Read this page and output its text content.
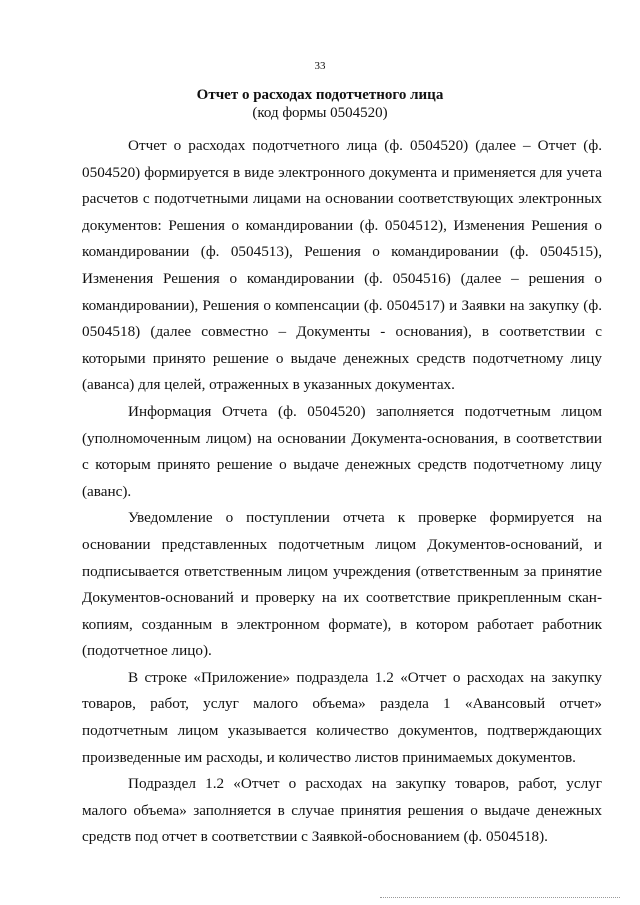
33
Отчет о расходах подотчетного лица
(код формы 0504520)

Отчет о расходах подотчетного лица (ф. 0504520) (далее – Отчет (ф. 0504520) формируется в виде электронного документа и применяется для учета расчетов с подотчетными лицами на основании соответствующих электронных документов: Решения о командировании (ф. 0504512), Изменения Решения о командировании (ф. 0504513), Решения о командировании (ф. 0504515), Изменения Решения о командировании (ф. 0504516) (далее – решения о командировании), Решения о компенсации (ф. 0504517) и Заявки на закупку (ф. 0504518) (далее совместно – Документы - основания), в соответствии с которыми принято решение о выдаче денежных средств подотчетному лицу (аванса) для целей, отраженных в указанных документах.

Информация Отчета (ф. 0504520) заполняется подотчетным лицом (уполномоченным лицом) на основании Документа-основания, в соответствии с которым принято решение о выдаче денежных средств подотчетному лицу (аванс).

Уведомление о поступлении отчета к проверке формируется на основании представленных подотчетным лицом Документов-оснований, и подписывается ответственным лицом учреждения (ответственным за принятие Документов-оснований и проверку на их соответствие прикрепленным скан-копиям, созданным в электронном формате), в котором работает работник (подотчетное лицо).

В строке «Приложение» подраздела 1.2 «Отчет о расходах на закупку товаров, работ, услуг малого объема» раздела 1 «Авансовый отчет» подотчетным лицом указывается количество документов, подтверждающих произведенные им расходы, и количество листов принимаемых документов.

Подраздел 1.2 «Отчет о расходах на закупку товаров, работ, услуг малого объема» заполняется в случае принятия решения о выдаче денежных средств под отчет в соответствии с Заявкой-обоснованием (ф. 0504518).
